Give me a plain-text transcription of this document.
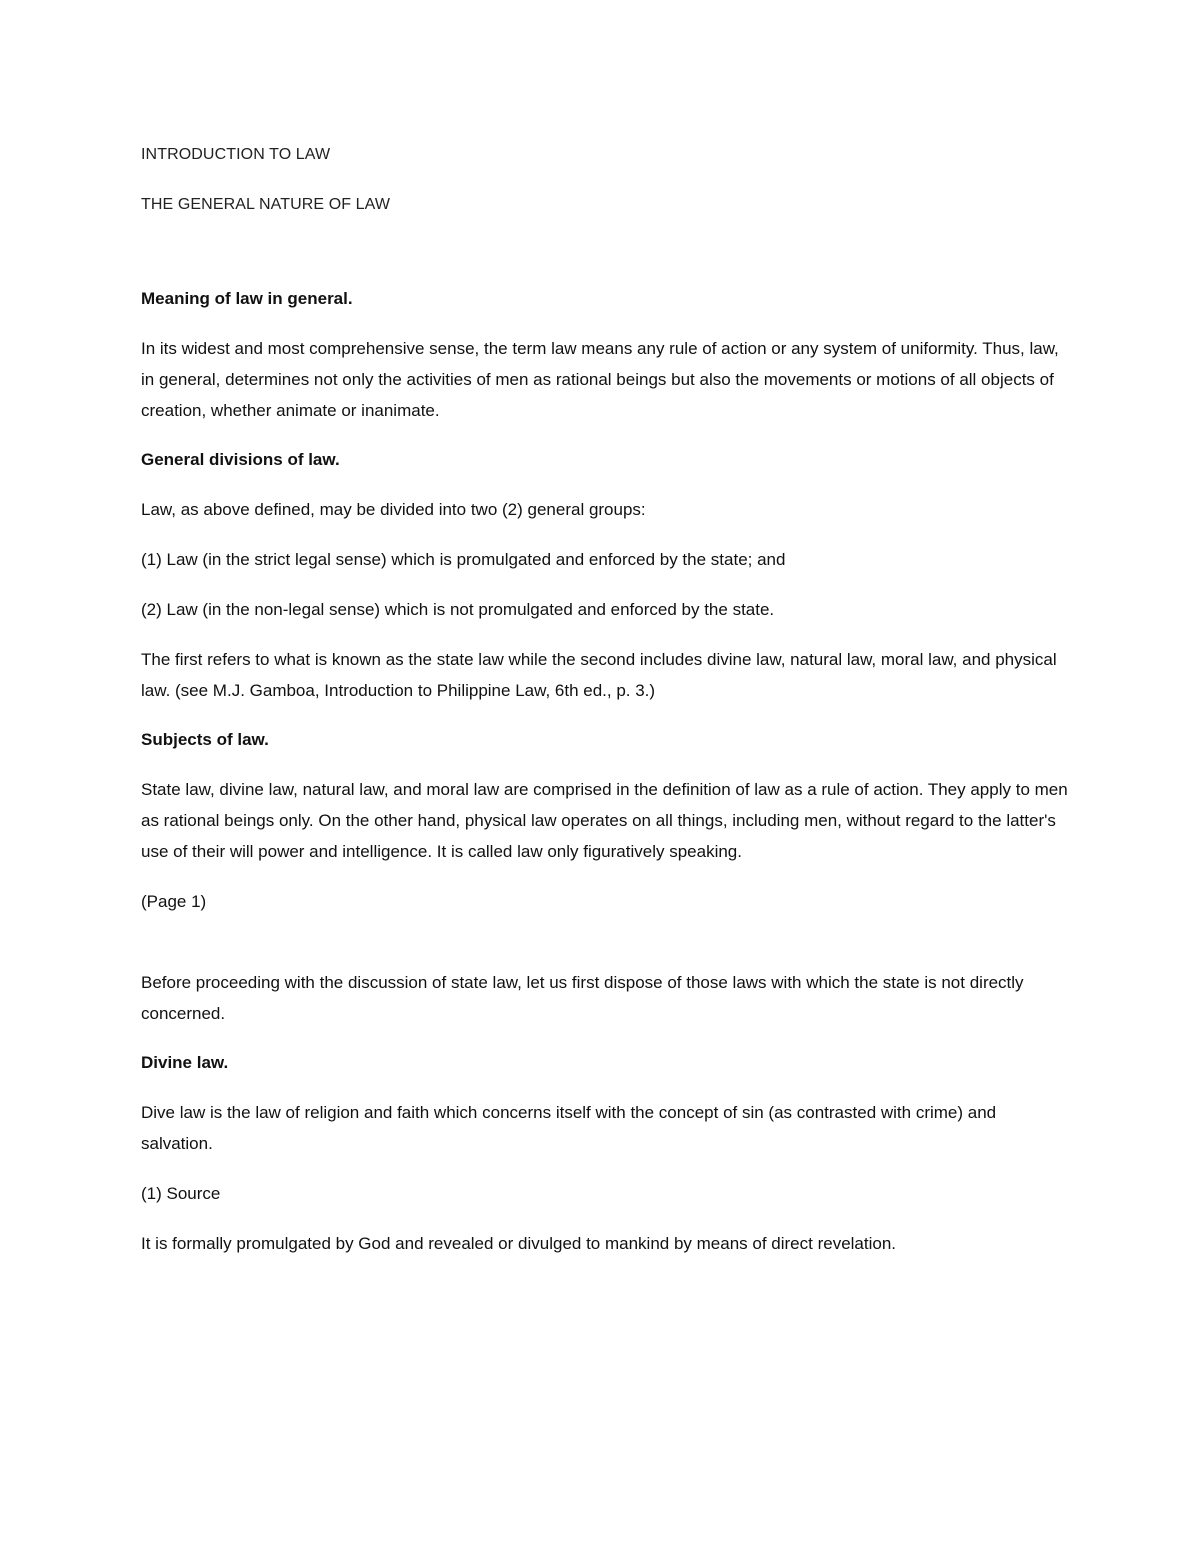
INTRODUCTION TO LAW

THE GENERAL NATURE OF LAW

Meaning of law in general.

In its widest and most comprehensive sense, the term law means any rule of action or any system of uniformity. Thus, law, in general, determines not only the activities of men as rational beings but also the movements or motions of all objects of creation, whether animate or inanimate.

General divisions of law.

Law, as above defined, may be divided into two (2) general groups:

(1) Law (in the strict legal sense) which is promulgated and enforced by the state; and

(2) Law (in the non-legal sense) which is not promulgated and enforced by the state.

The first refers to what is known as the state law while the second includes divine law, natural law, moral law, and physical law. (see M.J. Gamboa, Introduction to Philippine Law, 6th ed., p. 3.)

Subjects of law.

State law, divine law, natural law, and moral law are comprised in the definition of law as a rule of action. They apply to men as rational beings only. On the other hand, physical law operates on all things, including men, without regard to the latter's use of their will power and intelligence. It is called law only figuratively speaking.

(Page 1)

Before proceeding with the discussion of state law, let us first dispose of those laws with which the state is not directly concerned.

Divine law.

Dive law is the law of religion and faith which concerns itself with the concept of sin (as contrasted with crime) and salvation.

(1) Source

It is formally promulgated by God and revealed or divulged to mankind by means of direct revelation.
